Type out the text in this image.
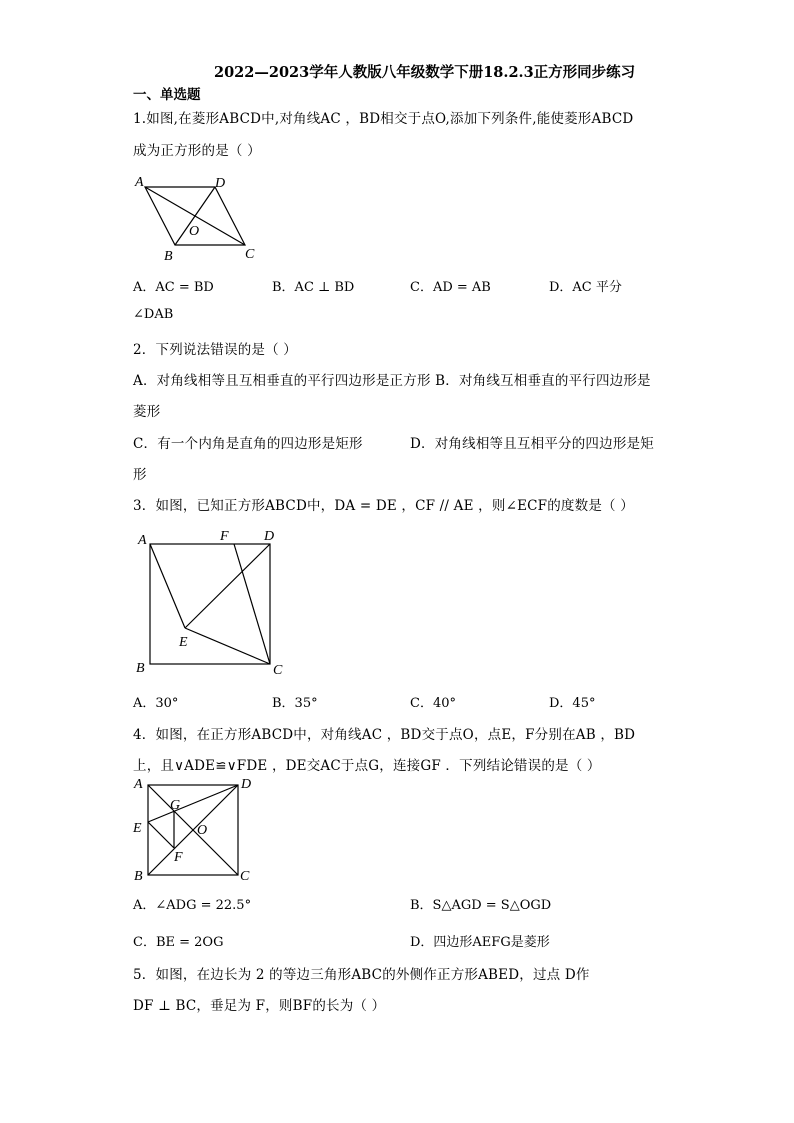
2022—2023学年人教版八年级数学下册18.2.3正方形同步练习
一、单选题
1.如图,在菱形ABCD中,对角线AC ，BD相交于点O,添加下列条件,能使菱形ABCD
成为正方形的是（ ）
A	D
B	C
O
A．AC = BD	B．AC ⊥ BD	C．AD = AB	D．AC 平分
∠DAB
2．下列说法错误的是（ ）
A．对角线相等且互相垂直的平行四边形是正方形 B．对角线互相垂直的平行四边形是
菱形
C．有一个内角是直角的四边形是矩形	D．对角线相等且互相平分的四边形是矩
形
3．如图，已知正方形ABCD中，DA = DE ，CF // AE ，则∠ECF的度数是（ ）
A	F	D
E
B	C
A．30°	B．35°	C．40°	D．45°
4．如图，在正方形ABCD中，对角线AC ，BD交于点O，点E，F分别在AB ，BD
上，且∨ADE≌∨FDE ，DE交AC于点G，连接GF ．下列结论错误的是（ ）
A	D
G
E	O
F
B	C
A．∠ADG = 22.5°	B．S△AGD = S△OGD
C．BE = 2OG	D．四边形AEFG是菱形
5．如图，在边长为 2 的等边三角形ABC的外侧作正方形ABED，过点 D作
DF ⊥ BC，垂足为 F，则BF的长为（ ）
